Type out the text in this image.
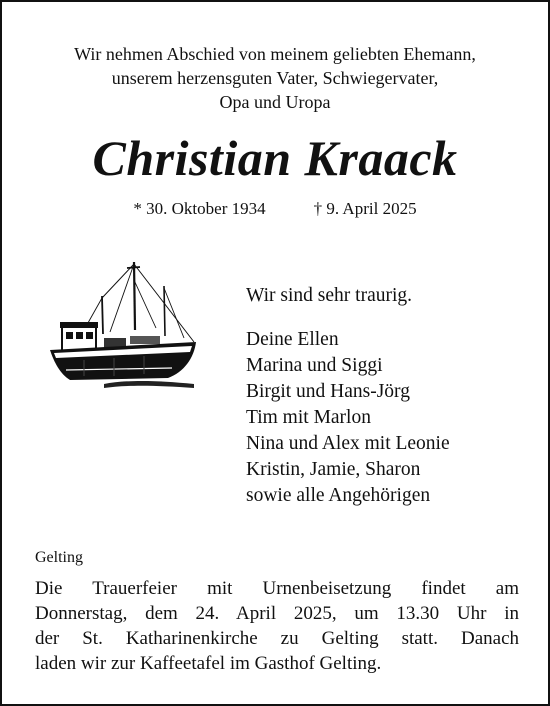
Wir nehmen Abschied von meinem geliebten Ehemann,
unserem herzensguten Vater, Schwiegervater,
Opa und Uropa
Christian Kraack
* 30. Oktober 1934	† 9. April 2025
Wir sind sehr traurig.
Deine Ellen
Marina und Siggi
Birgit und Hans-Jörg
Tim mit Marlon
Nina und Alex mit Leonie
Kristin, Jamie, Sharon
sowie alle Angehörigen
Gelting
Die Trauerfeier mit Urnenbeisetzung findet am
Donnerstag, dem 24. April 2025, um 13.30 Uhr in
der St. Katharinenkirche zu Gelting statt. Danach
laden wir zur Kaffeetafel im Gasthof Gelting.
